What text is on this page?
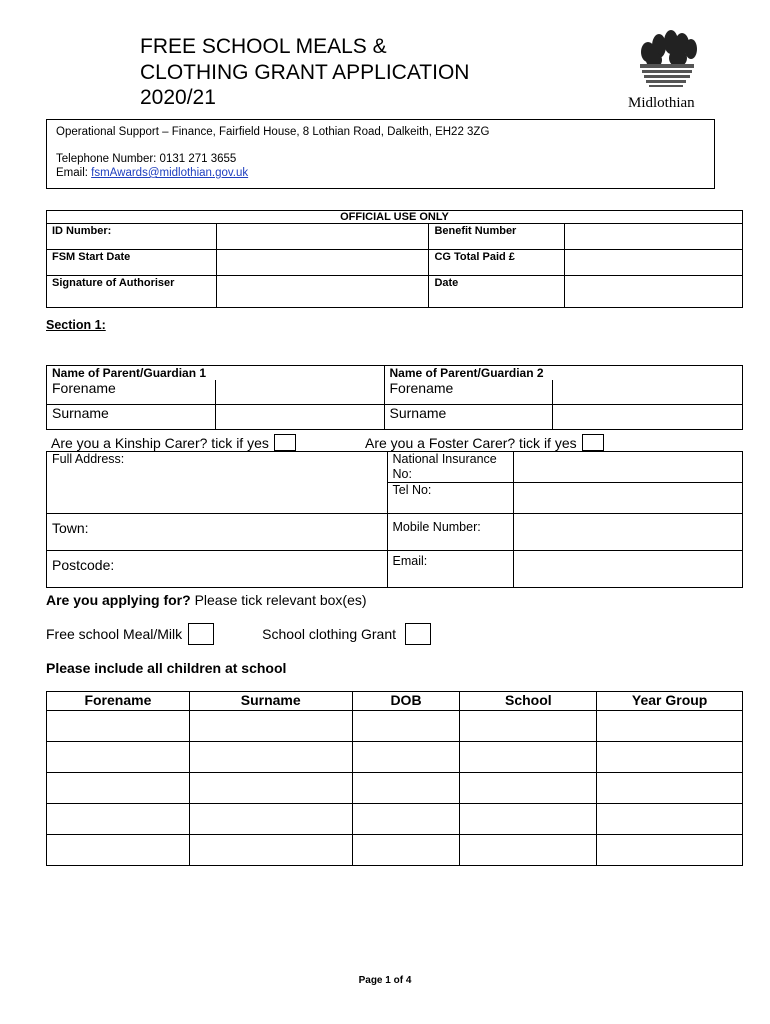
FREE SCHOOL MEALS &
CLOTHING GRANT APPLICATION
2020/21	Midlothian
Operational Support – Finance, Fairfield House, 8 Lothian Road, Dalkeith, EH22 3ZG
Telephone Number: 0131 271 3655
Email: fsmAwards@midlothian.gov.uk
OFFICIAL USE ONLY			
ID Number:		Benefit Number	
FSM Start Date		CG Total Paid £	
Signature of Authoriser		Date	
Section 1:
Name of Parent/Guardian 1		Name of Parent/Guardian 2	
Forename		Forename	
Surname		Surname	
Are you a Kinship Carer? tick if yes	Are you a Foster Carer? tick if yes
Full Address:	National Insurance No:	
	Tel No:	
Town:	Mobile Number:	
Postcode:	Email:	
Are you applying for? Please tick relevant box(es)
Free school Meal/Milk	School clothing Grant
Please include all children at school
Forename	Surname	DOB	School	Year Group

Page 1 of 4
